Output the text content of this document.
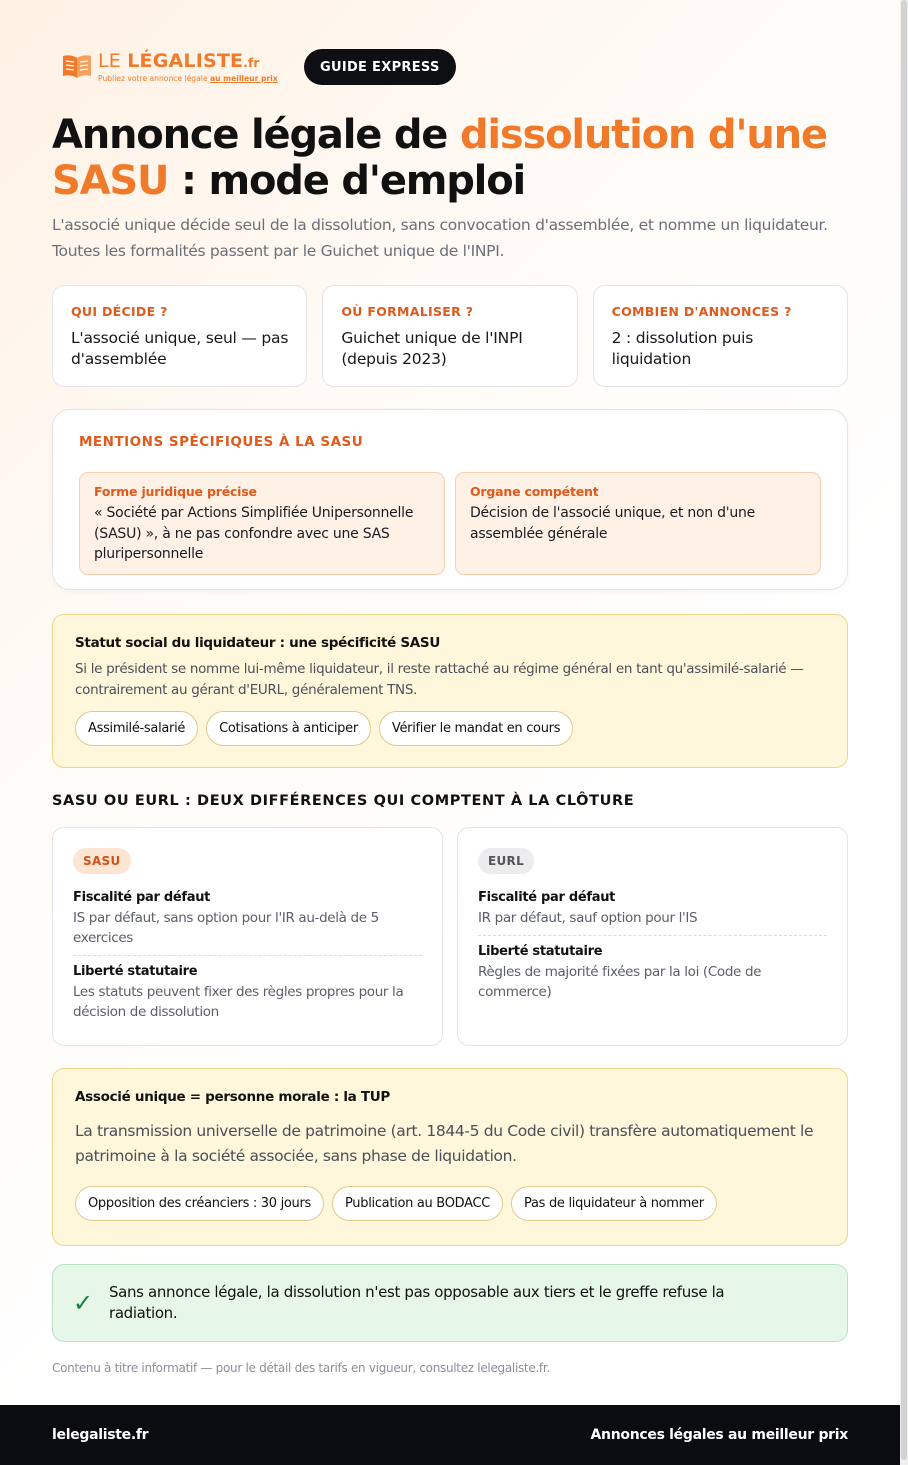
LE LÉGALISTE.fr
Publiez votre annonce légale au meilleur prix
GUIDE EXPRESS
Annonce légale de dissolution d'une
SASU : mode d'emploi

L'associé unique décide seul de la dissolution, sans convocation d'assemblée, et nomme un liquidateur. Toutes les formalités passent par le Guichet unique de l'INPI.

QUI DÉCIDE ?
L'associé unique, seul — pas d'assemblée
OÙ FORMALISER ?
Guichet unique de l'INPI (depuis 2023)
COMBIEN D'ANNONCES ?
2 : dissolution puis liquidation
MENTIONS SPÉCIFIQUES À LA SASU
Forme juridique précise
« Société par Actions Simplifiée Unipersonnelle (SASU) », à ne pas confondre avec une SAS pluripersonnelle
Organe compétent
Décision de l'associé unique, et non d'une assemblée générale
Statut social du liquidateur : une spécificité SASU
Si le président se nomme lui-même liquidateur, il reste rattaché au régime général en tant qu'assimilé-salarié — contrairement au gérant d'EURL, généralement TNS.
Assimilé-salarié	Cotisations à anticiper	Vérifier le mandat en cours
SASU OU EURL : DEUX DIFFÉRENCES QUI COMPTENT À LA CLÔTURE
SASU
Fiscalité par défaut
IS par défaut, sans option pour l'IR au-delà de 5 exercices
Liberté statutaire
Les statuts peuvent fixer des règles propres pour la décision de dissolution
EURL
Fiscalité par défaut
IR par défaut, sauf option pour l'IS
Liberté statutaire
Règles de majorité fixées par la loi (Code de commerce)
Associé unique = personne morale : la TUP
La transmission universelle de patrimoine (art. 1844-5 du Code civil) transfère automatiquement le patrimoine à la société associée, sans phase de liquidation.
Opposition des créanciers : 30 jours	Publication au BODACC	Pas de liquidateur à nommer
✓	Sans annonce légale, la dissolution n'est pas opposable aux tiers et le greffe refuse la radiation.
Contenu à titre informatif — pour le détail des tarifs en vigueur, consultez lelegaliste.fr.
lelegaliste.fr	Annonces légales au meilleur prix
